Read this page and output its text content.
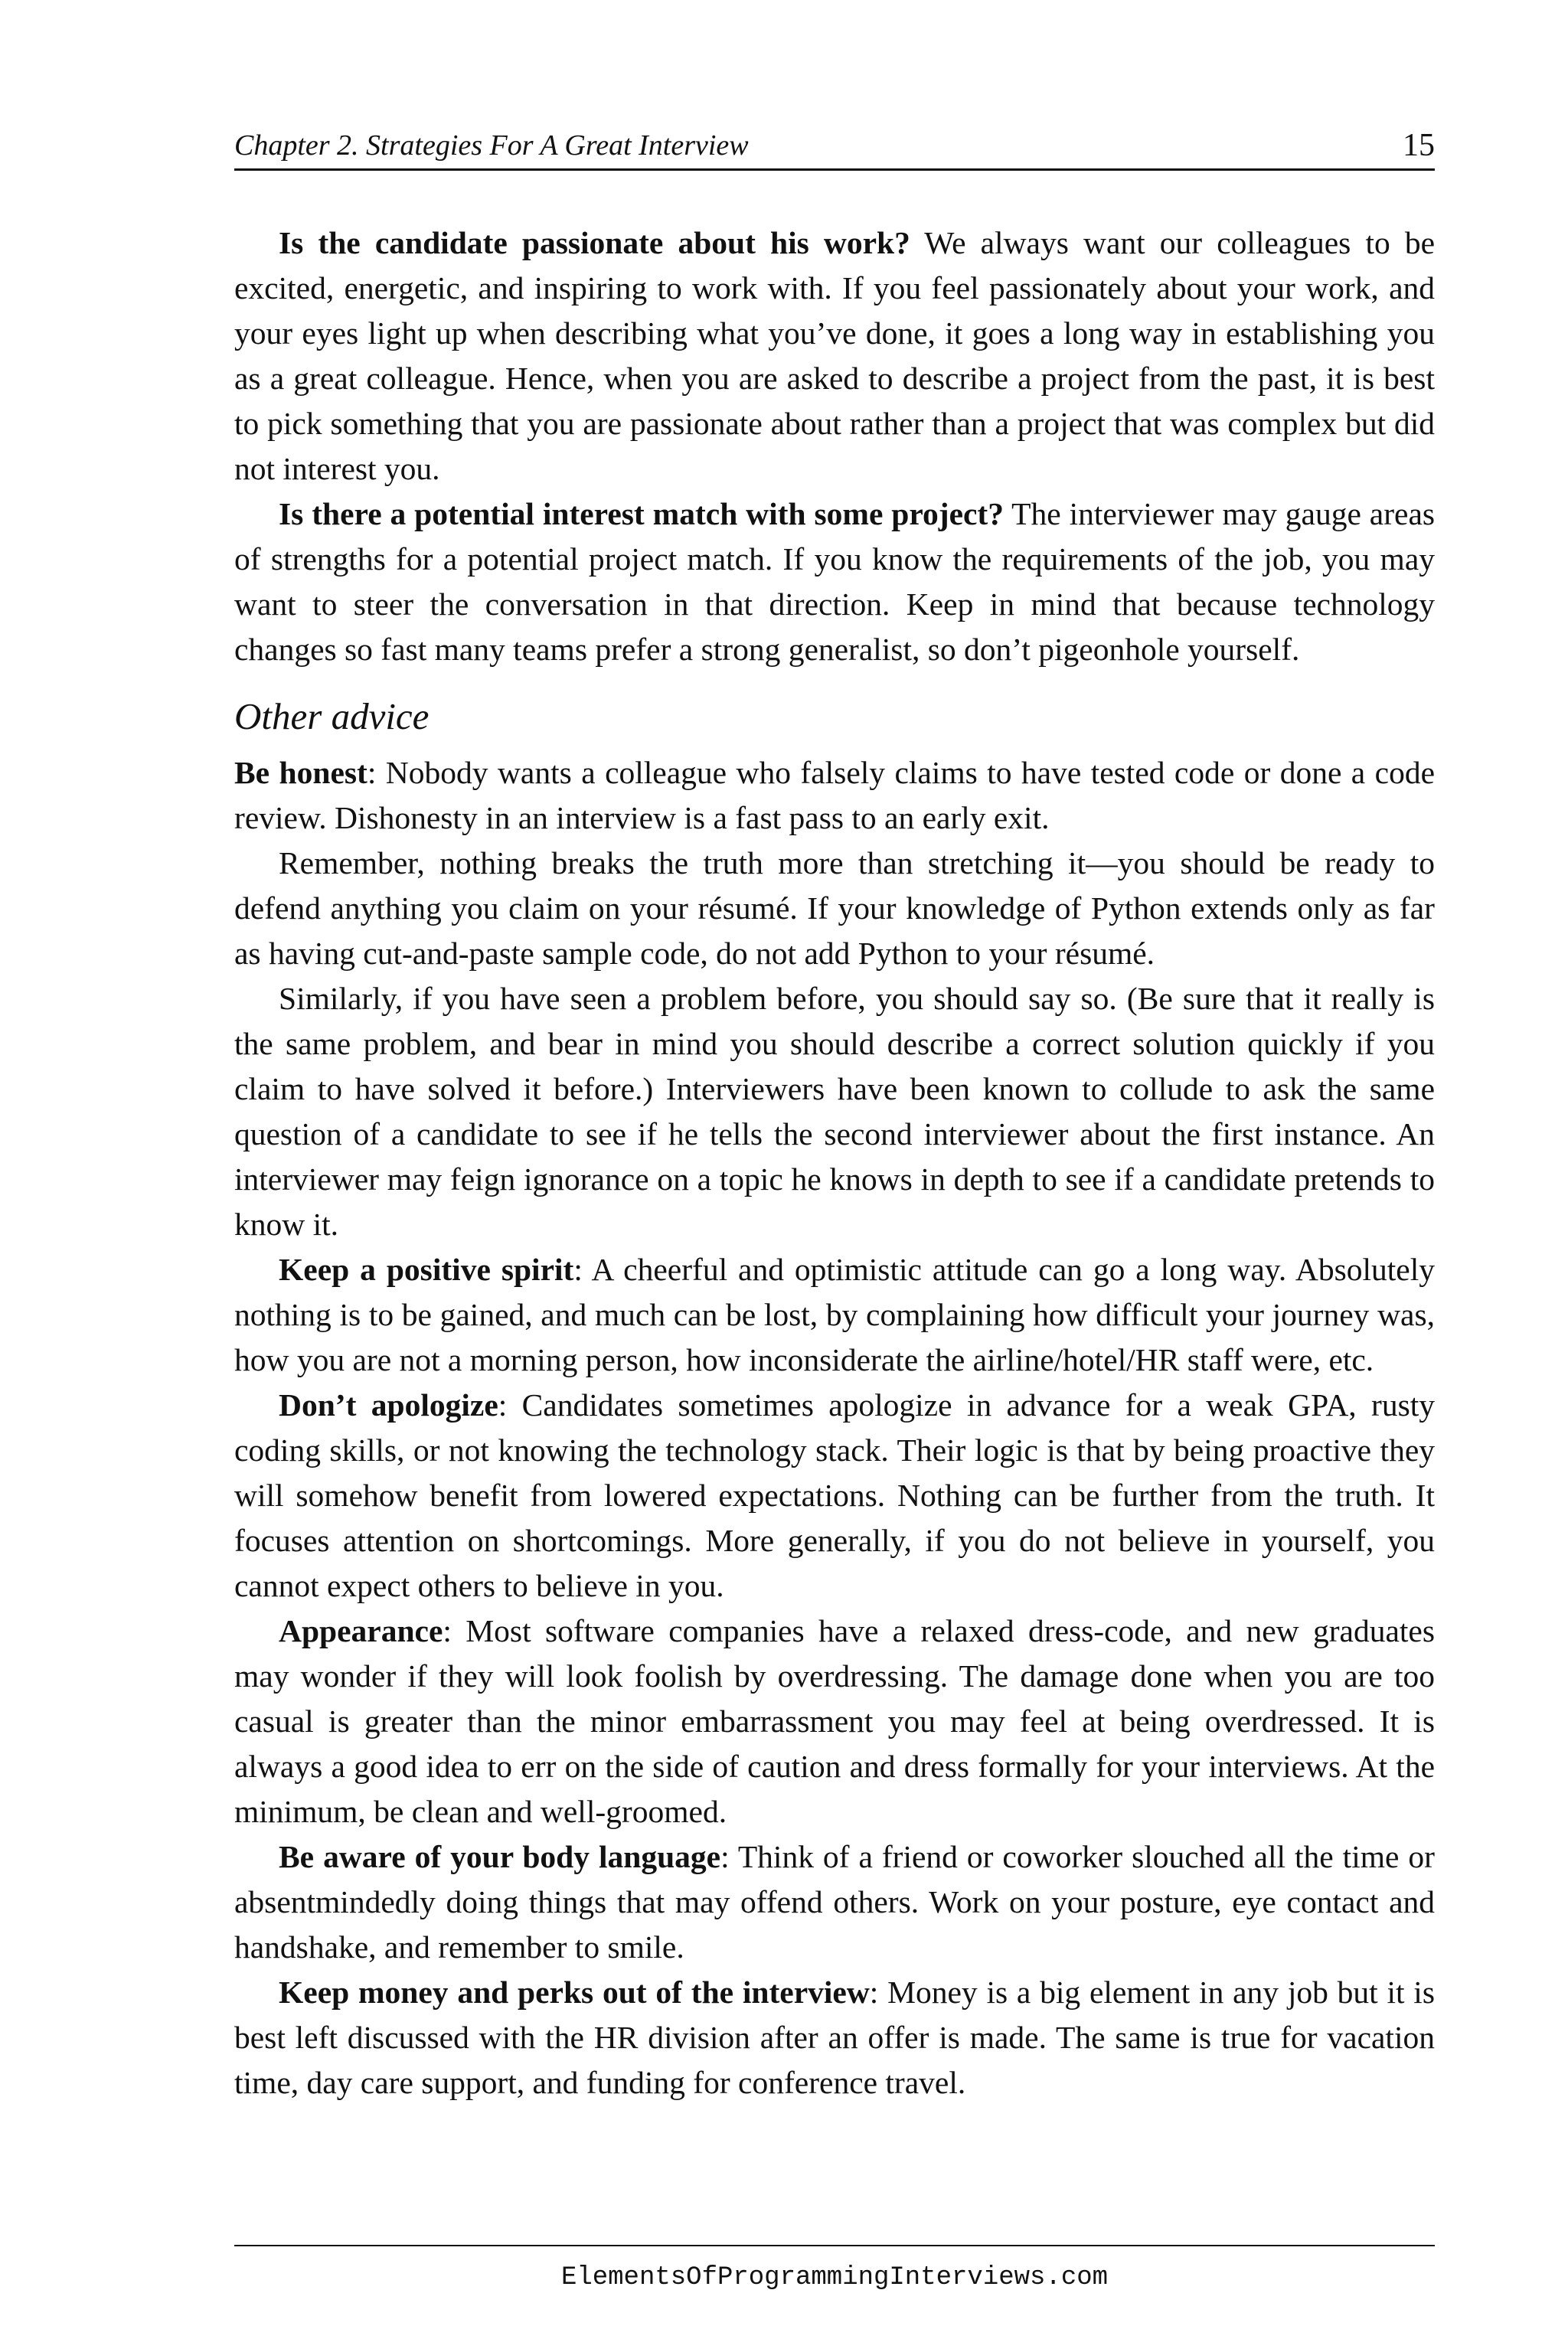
Chapter 2. Strategies For A Great Interview	15

Is the candidate passionate about his work? We always want our colleagues to be excited, energetic, and inspiring to work with. If you feel passionately about your work, and your eyes light up when describing what you’ve done, it goes a long way in establishing you as a great colleague. Hence, when you are asked to describe a project from the past, it is best to pick something that you are passionate about rather than a project that was complex but did not interest you.

Is there a potential interest match with some project? The interviewer may gauge areas of strengths for a potential project match. If you know the requirements of the job, you may want to steer the conversation in that direction. Keep in mind that because technology changes so fast many teams prefer a strong generalist, so don’t pigeonhole yourself.

Other advice

Be honest: Nobody wants a colleague who falsely claims to have tested code or done a code review. Dishonesty in an interview is a fast pass to an early exit.

Remember, nothing breaks the truth more than stretching it—you should be ready to defend anything you claim on your résumé. If your knowledge of Python extends only as far as having cut-and-paste sample code, do not add Python to your résumé.

Similarly, if you have seen a problem before, you should say so. (Be sure that it really is the same problem, and bear in mind you should describe a correct solution quickly if you claim to have solved it before.) Interviewers have been known to collude to ask the same question of a candidate to see if he tells the second interviewer about the first instance. An interviewer may feign ignorance on a topic he knows in depth to see if a candidate pretends to know it.

Keep a positive spirit: A cheerful and optimistic attitude can go a long way. Absolutely nothing is to be gained, and much can be lost, by complaining how difficult your journey was, how you are not a morning person, how inconsiderate the airline/hotel/HR staff were, etc.

Don’t apologize: Candidates sometimes apologize in advance for a weak GPA, rusty coding skills, or not knowing the technology stack. Their logic is that by being proactive they will somehow benefit from lowered expectations. Nothing can be further from the truth. It focuses attention on shortcomings. More generally, if you do not believe in yourself, you cannot expect others to believe in you.

Appearance: Most software companies have a relaxed dress-code, and new graduates may wonder if they will look foolish by overdressing. The damage done when you are too casual is greater than the minor embarrassment you may feel at being overdressed. It is always a good idea to err on the side of caution and dress formally for your interviews. At the minimum, be clean and well-groomed.

Be aware of your body language: Think of a friend or coworker slouched all the time or absentmindedly doing things that may offend others. Work on your posture, eye contact and handshake, and remember to smile.

Keep money and perks out of the interview: Money is a big element in any job but it is best left discussed with the HR division after an offer is made. The same is true for vacation time, day care support, and funding for conference travel.

ElementsOfProgrammingInterviews.com
